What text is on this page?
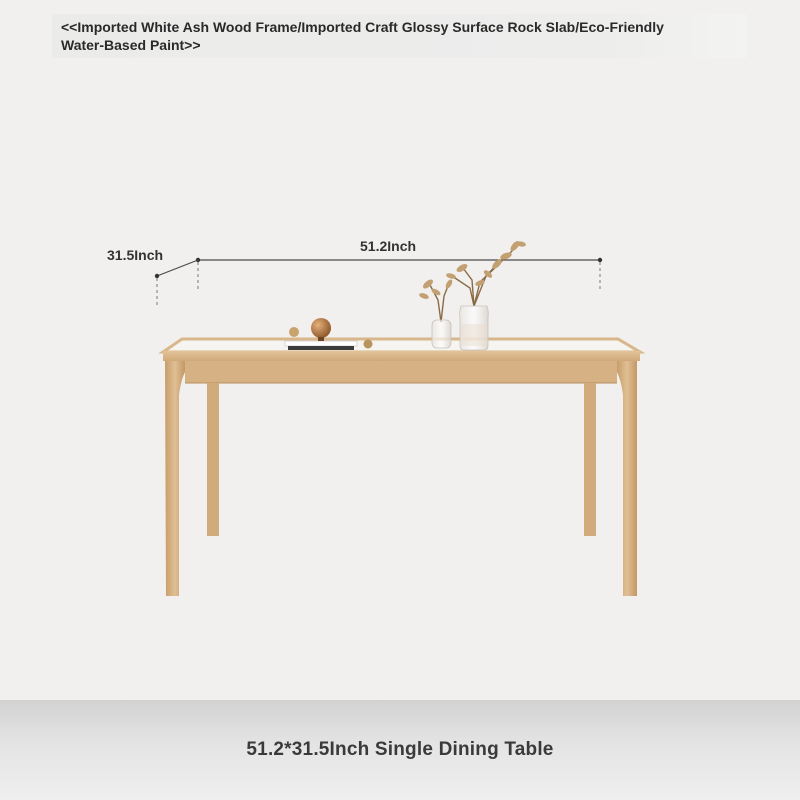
<<Imported White Ash Wood Frame/Imported Craft Glossy Surface Rock Slab/Eco-Friendly Water-Based Paint>>
31.5Inch
51.2Inch
51.2*31.5Inch Single Dining Table
